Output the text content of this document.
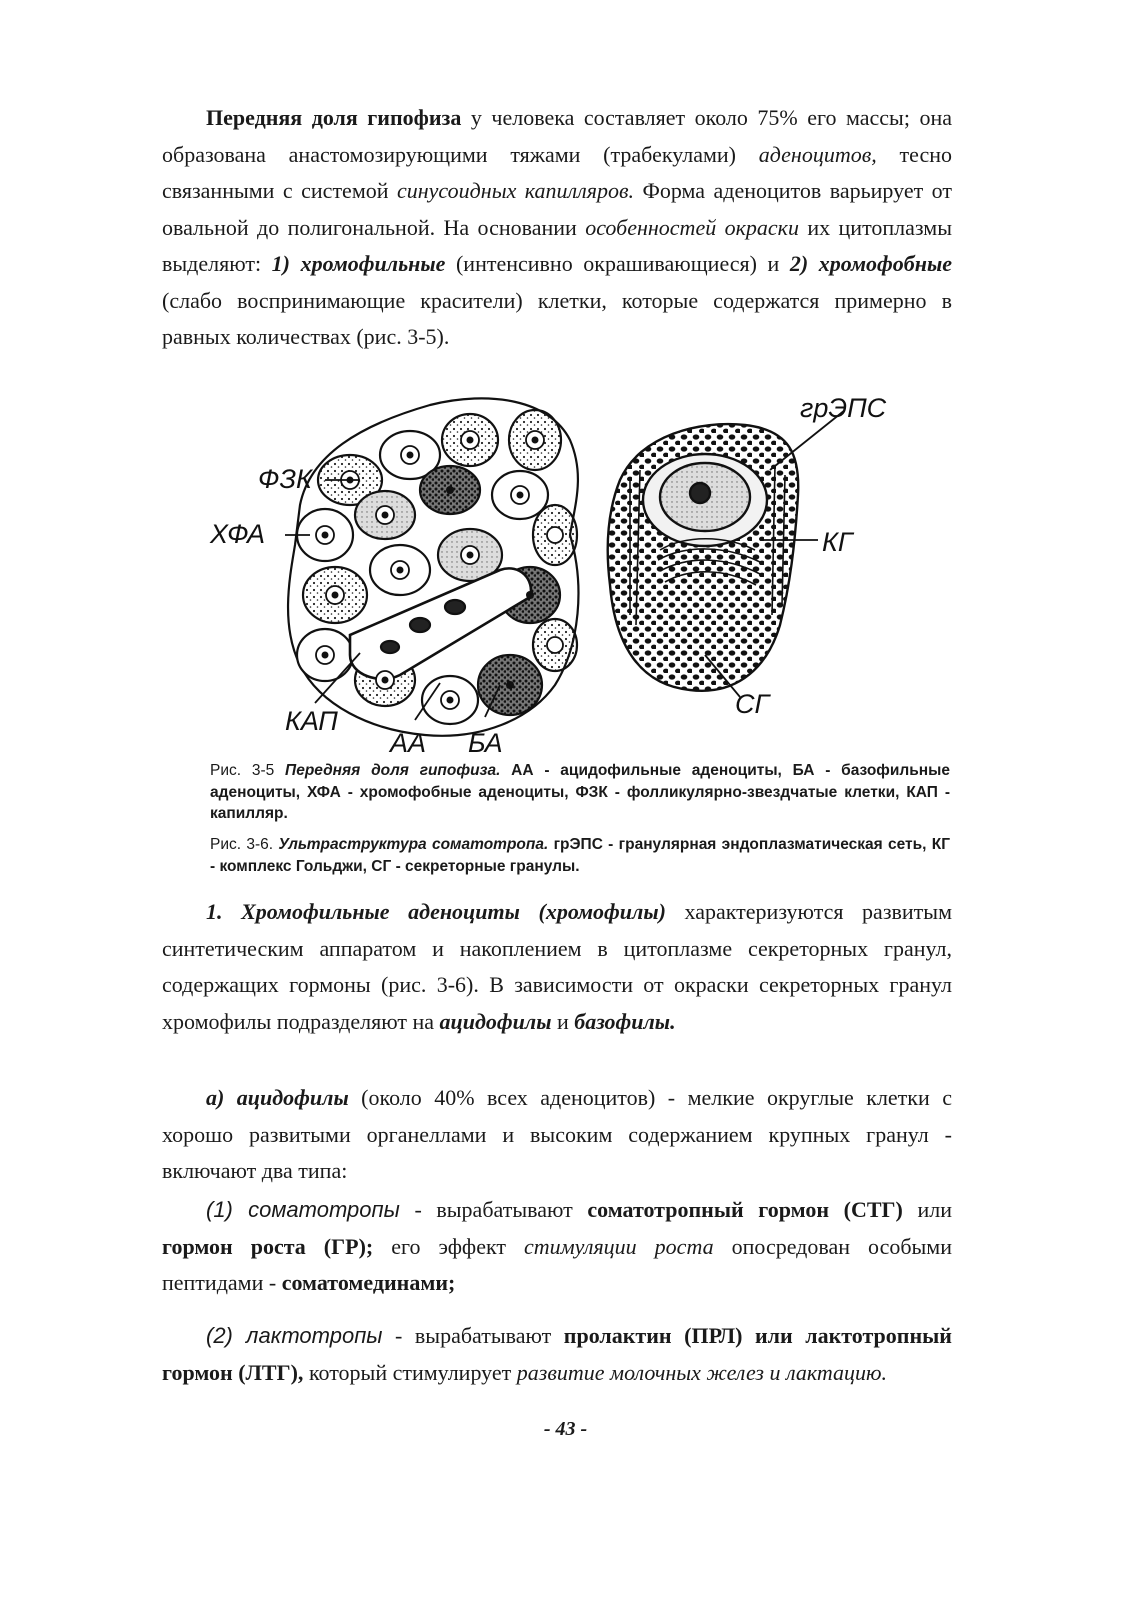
Передняя доля гипофиза у человека составляет около 75% его массы; она образована анастомозирующими тяжами (трабекулами) аденоцитов, тесно связанными с системой синусоидных капилляров. Форма аденоцитов варьирует от овальной до полигональной. На основании особенностей окраски их цитоплазмы выделяют: 1) хромофильные (интенсивно окрашивающиеся) и 2) хромофобные (слабо воспринимающие красители) клетки, которые содержатся примерно в равных количествах (рис. 3-5).

ФЗК
ХФА
КАП
АА БА
грЭПС
КГ
СГ

Рис. 3-5 Передняя доля гипофиза. АА - ацидофильные аденоциты, БА - базофильные аденоциты, ХФА - хромофобные аденоциты, ФЗК - фолликулярно-звездчатые клетки, КАП - капилляр.

Рис. 3-6. Ультраструктура соматотропа. грЭПС - гранулярная эндоплазматическая сеть, КГ - комплекс Гольджи, СГ - секреторные гранулы.

1. Хромофильные аденоциты (хромофилы) характеризуются развитым синтетическим аппаратом и накоплением в цитоплазме секреторных гранул, содержащих гормоны (рис. 3-6). В зависимости от окраски секреторных гранул хромофилы подразделяют на ацидофилы и базофилы.

а) ацидофилы (около 40% всех аденоцитов) - мелкие округлые клетки с хорошо развитыми органеллами и высоким содержанием крупных гранул - включают два типа:

(1) соматотропы - вырабатывают соматотропный гормон (СТГ) или гормон роста (ГР); его эффект стимуляции роста опосредован особыми пептидами - соматомединами;

(2) лактотропы - вырабатывают пролактин (ПРЛ) или лактотропный гормон (ЛТГ), который стимулирует развитие молочных желез и лактацию.

- 43 -
